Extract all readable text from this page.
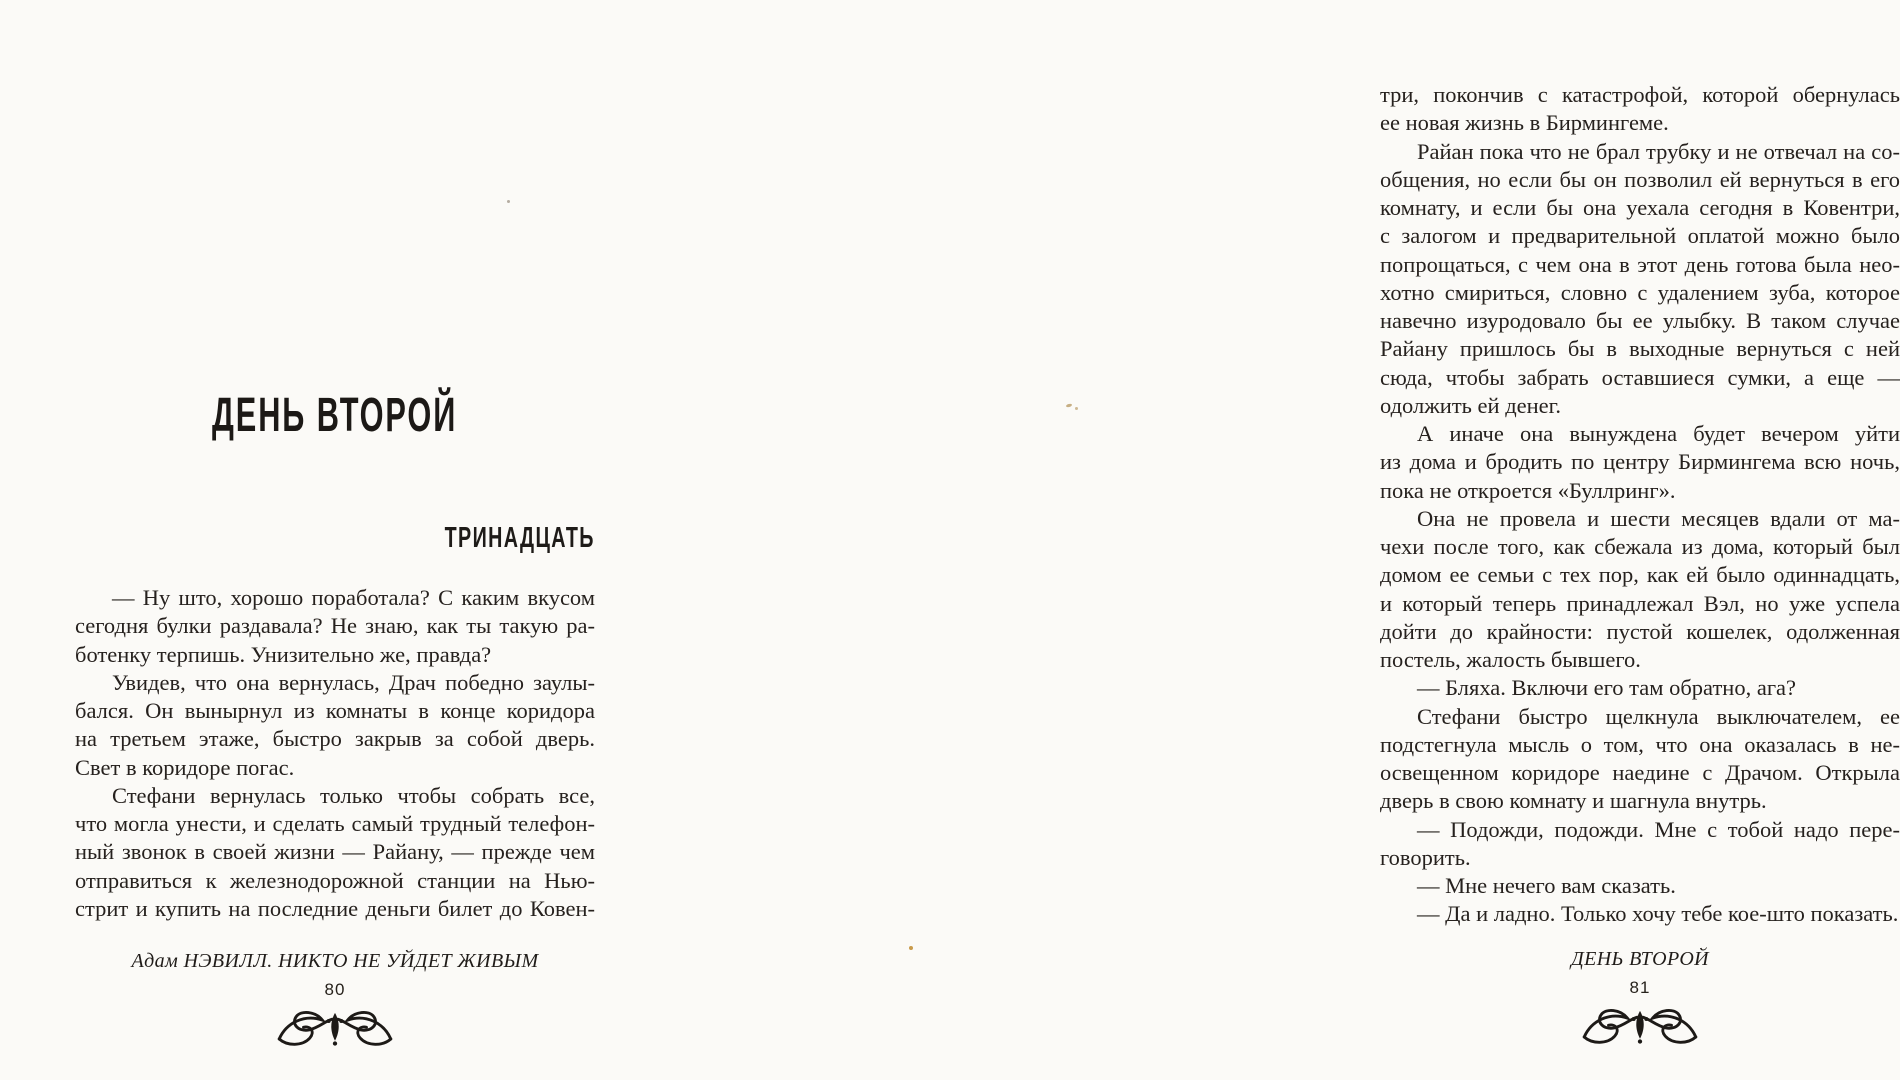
ДЕНЬ ВТОРОЙ
ТРИНАДЦАТЬ
— Ну што, хорошо поработала? С каким вкусом
сегодня булки раздавала? Не знаю, как ты такую ра-
ботенку терпишь. Унизительно же, правда?
Увидев, что она вернулась, Драч победно заулы-
бался. Он вынырнул из комнаты в конце коридора
на третьем этаже, быстро закрыв за собой дверь.
Свет в коридоре погас.
Стефани вернулась только чтобы собрать все,
что могла унести, и сделать самый трудный телефон-
ный звонок в своей жизни — Райану, — прежде чем
отправиться к железнодорожной станции на Нью-
стрит и купить на последние деньги билет до Ковен-
Адам НЭВИЛЛ. НИКТО НЕ УЙДЕТ ЖИВЫМ
80
три, покончив с катастрофой, которой обернулась
ее новая жизнь в Бирмингеме.
Райан пока что не брал трубку и не отвечал на со-
общения, но если бы он позволил ей вернуться в его
комнату, и если бы она уехала сегодня в Ковентри,
с залогом и предварительной оплатой можно было
попрощаться, с чем она в этот день готова была нео-
хотно смириться, словно с удалением зуба, которое
навечно изуродовало бы ее улыбку. В таком случае
Райану пришлось бы в выходные вернуться с ней
сюда, чтобы забрать оставшиеся сумки, а еще —
одолжить ей денег.
А иначе она вынуждена будет вечером уйти
из дома и бродить по центру Бирмингема всю ночь,
пока не откроется «Буллринг».
Она не провела и шести месяцев вдали от ма-
чехи после того, как сбежала из дома, который был
домом ее семьи с тех пор, как ей было одиннадцать,
и который теперь принадлежал Вэл, но уже успела
дойти до крайности: пустой кошелек, одолженная
постель, жалость бывшего.
— Бляха. Включи его там обратно, ага?
Стефани быстро щелкнула выключателем, ее
подстегнула мысль о том, что она оказалась в не-
освещенном коридоре наедине с Драчом. Открыла
дверь в свою комнату и шагнула внутрь.
— Подожди, подожди. Мне с тобой надо пере-
говорить.
— Мне нечего вам сказать.
— Да и ладно. Только хочу тебе кое-што показать.
ДЕНЬ ВТОРОЙ
81
